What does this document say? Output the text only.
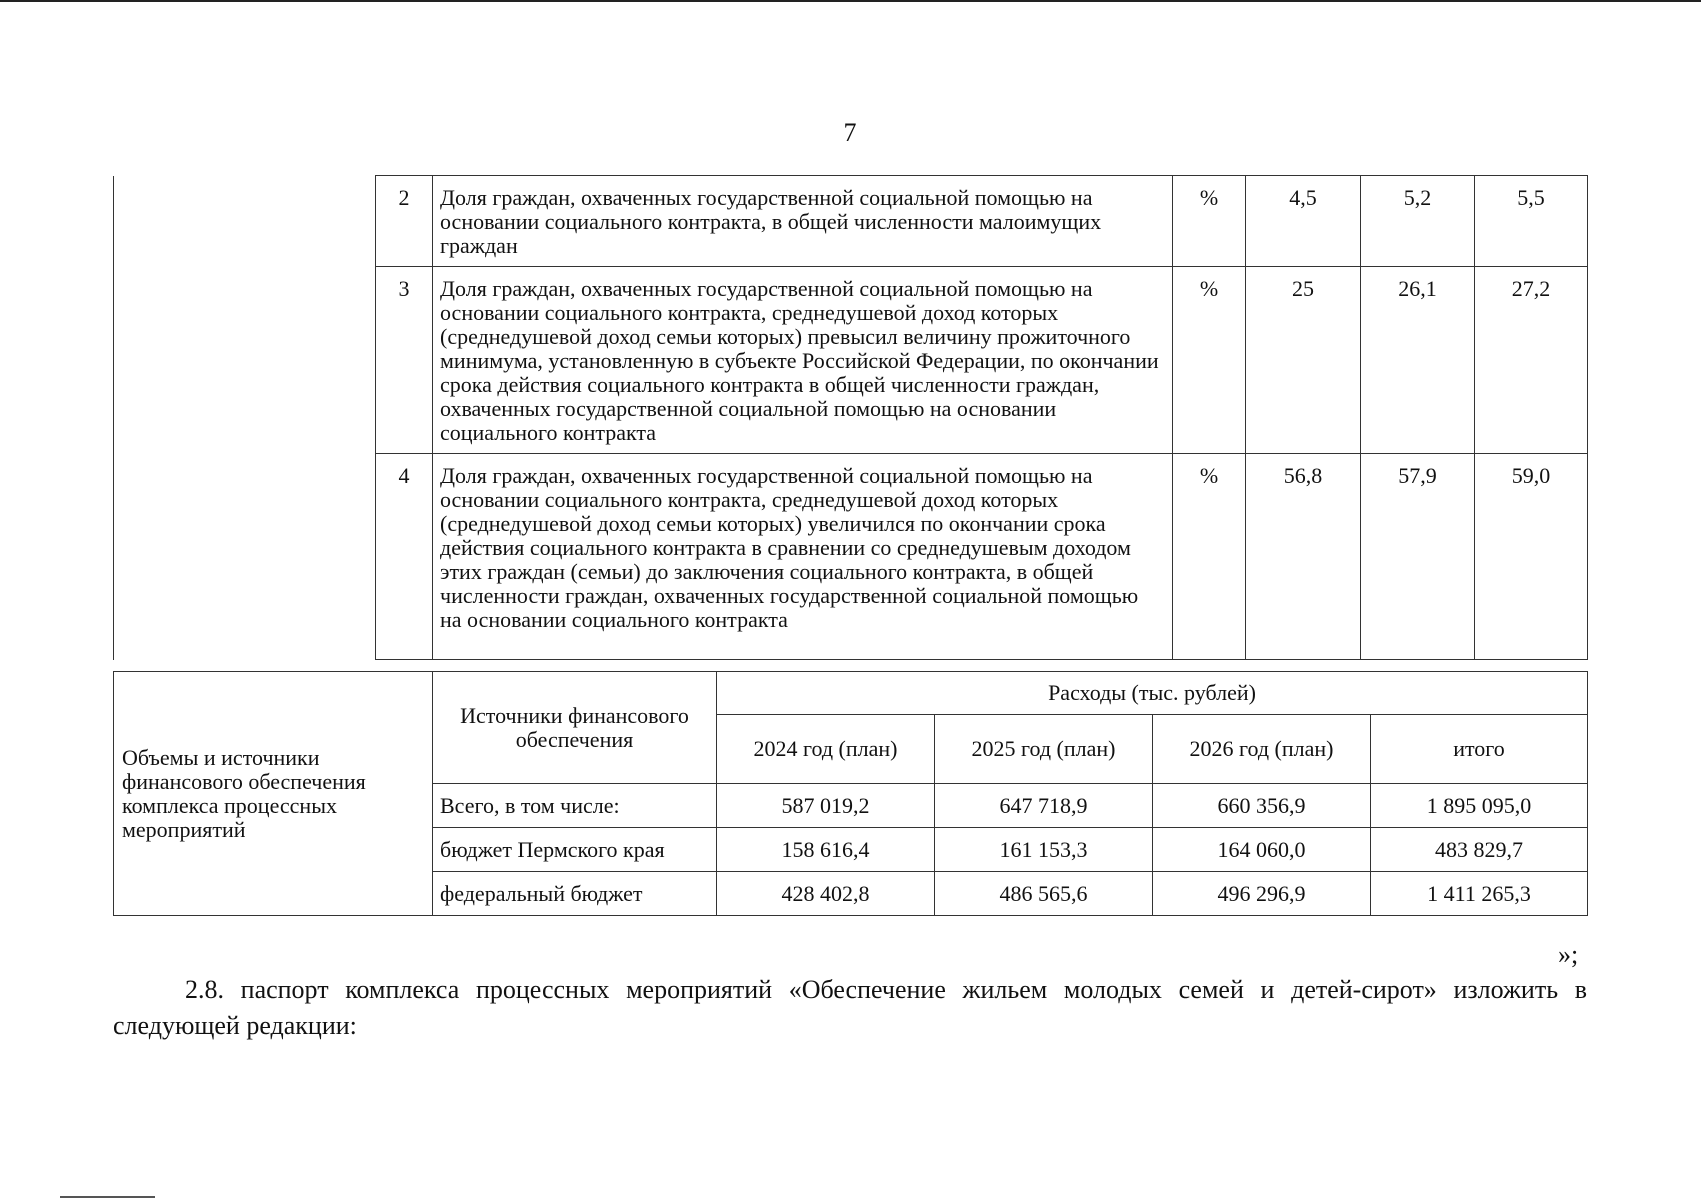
7
	2	Доля граждан, охваченных государственной социальной помощью на основании социального контракта, в общей численности малоимущих граждан	%	4,5	5,2	5,5
	3	Доля граждан, охваченных государственной социальной помощью на основании социального контракта, среднедушевой доход которых (среднедушевой доход семьи которых) превысил величину прожиточного минимума, установленную в субъекте Российской Федерации, по окончании срока действия социального контракта в общей численности граждан, охваченных государственной социальной помощью на основании социального контракта	%	25	26,1	27,2
	4	Доля граждан, охваченных государственной социальной помощью на основании социального контракта, среднедушевой доход которых (среднедушевой доход семьи которых) увеличился по окончании срока действия социального контракта в сравнении со среднедушевым доходом этих граждан (семьи) до заключения социального контракта, в общей численности граждан, охваченных государственной социальной помощью на основании социального контракта	%	56,8	57,9	59,0
Объемы и источники финансового обеспечения комплекса процессных мероприятий	Источники финансового обеспечения	Расходы (тыс. рублей)			
		2024 год (план)	2025 год (план)	2026 год (план)	итого
	Всего, в том числе:	587 019,2	647 718,9	660 356,9	1 895 095,0
	бюджет Пермского края	158 616,4	161 153,3	164 060,0	483 829,7
	федеральный бюджет	428 402,8	486 565,6	496 296,9	1 411 265,3
»;
2.8. паспорт комплекса процессных мероприятий «Обеспечение жильем молодых семей и детей-сирот» изложить в следующей редакции:
